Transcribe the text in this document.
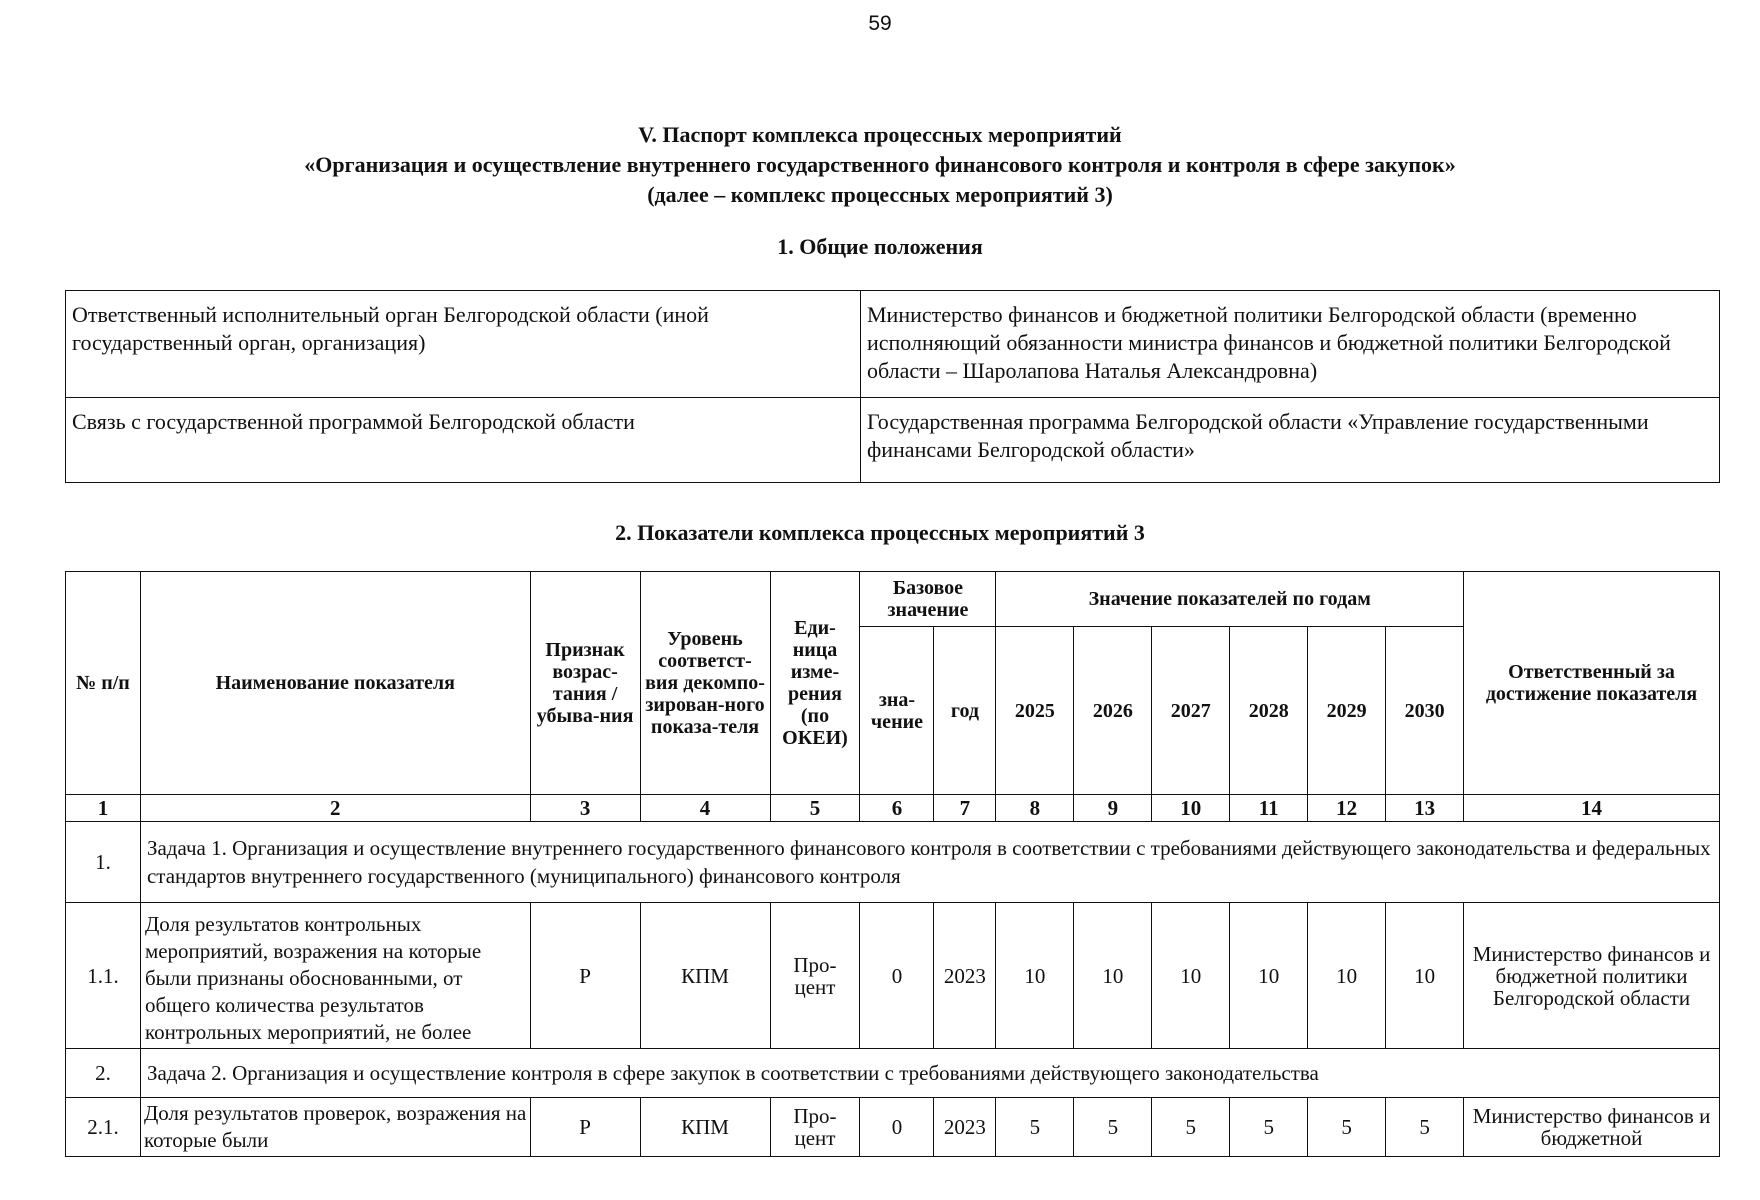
59
V. Паспорт комплекса процессных мероприятий
«Организация и осуществление внутреннего государственного финансового контроля и контроля в сфере закупок»
(далее – комплекс процессных мероприятий 3)
1. Общие положения
Ответственный исполнительный орган Белгородской области (иной государственный орган, организация)	Министерство финансов и бюджетной политики Белгородской области (временно исполняющий обязанности министра финансов и бюджетной политики Белгородской области – Шаролапова Наталья Александровна)
Связь с государственной программой Белгородской области	Государственная программа Белгородской области «Управление государственными финансами Белгородской области»
2. Показатели комплекса процессных мероприятий 3
№ п/п	Наименование показателя	Признак возрас-тания / убыва-ния	Уровень соответст-вия декомпо-зирован-ного показа-теля	Еди-ница изме-рения (по ОКЕИ)	Базовое значение		Значение показателей по годам						Ответственный за достижение показателя
					зна-чение	год	2025	2026	2027	2028	2029	2030	
1	2	3	4	5	6	7	8	9	10	11	12	13	14
1.	Задача 1. Организация и осуществление внутреннего государственного финансового контроля в соответствии с требованиями действующего законодательства и федеральных стандартов внутреннего государственного (муниципального) финансового контроля												
1.1.	Доля результатов контрольных мероприятий, возражения на которые были признаны обоснованными, от общего количества результатов контрольных мероприятий, не более	Р	КПМ	Про-цент	0	2023	10	10	10	10	10	10	Министерство финансов и бюджетной политики Белгородской области
2.	Задача 2. Организация и осуществление контроля в сфере закупок в соответствии с требованиями действующего законодательства												
2.1.	Доля результатов проверок, возражения на которые были	Р	КПМ	Про-цент	0	2023	5	5	5	5	5	5	Министерство финансов и бюджетной
